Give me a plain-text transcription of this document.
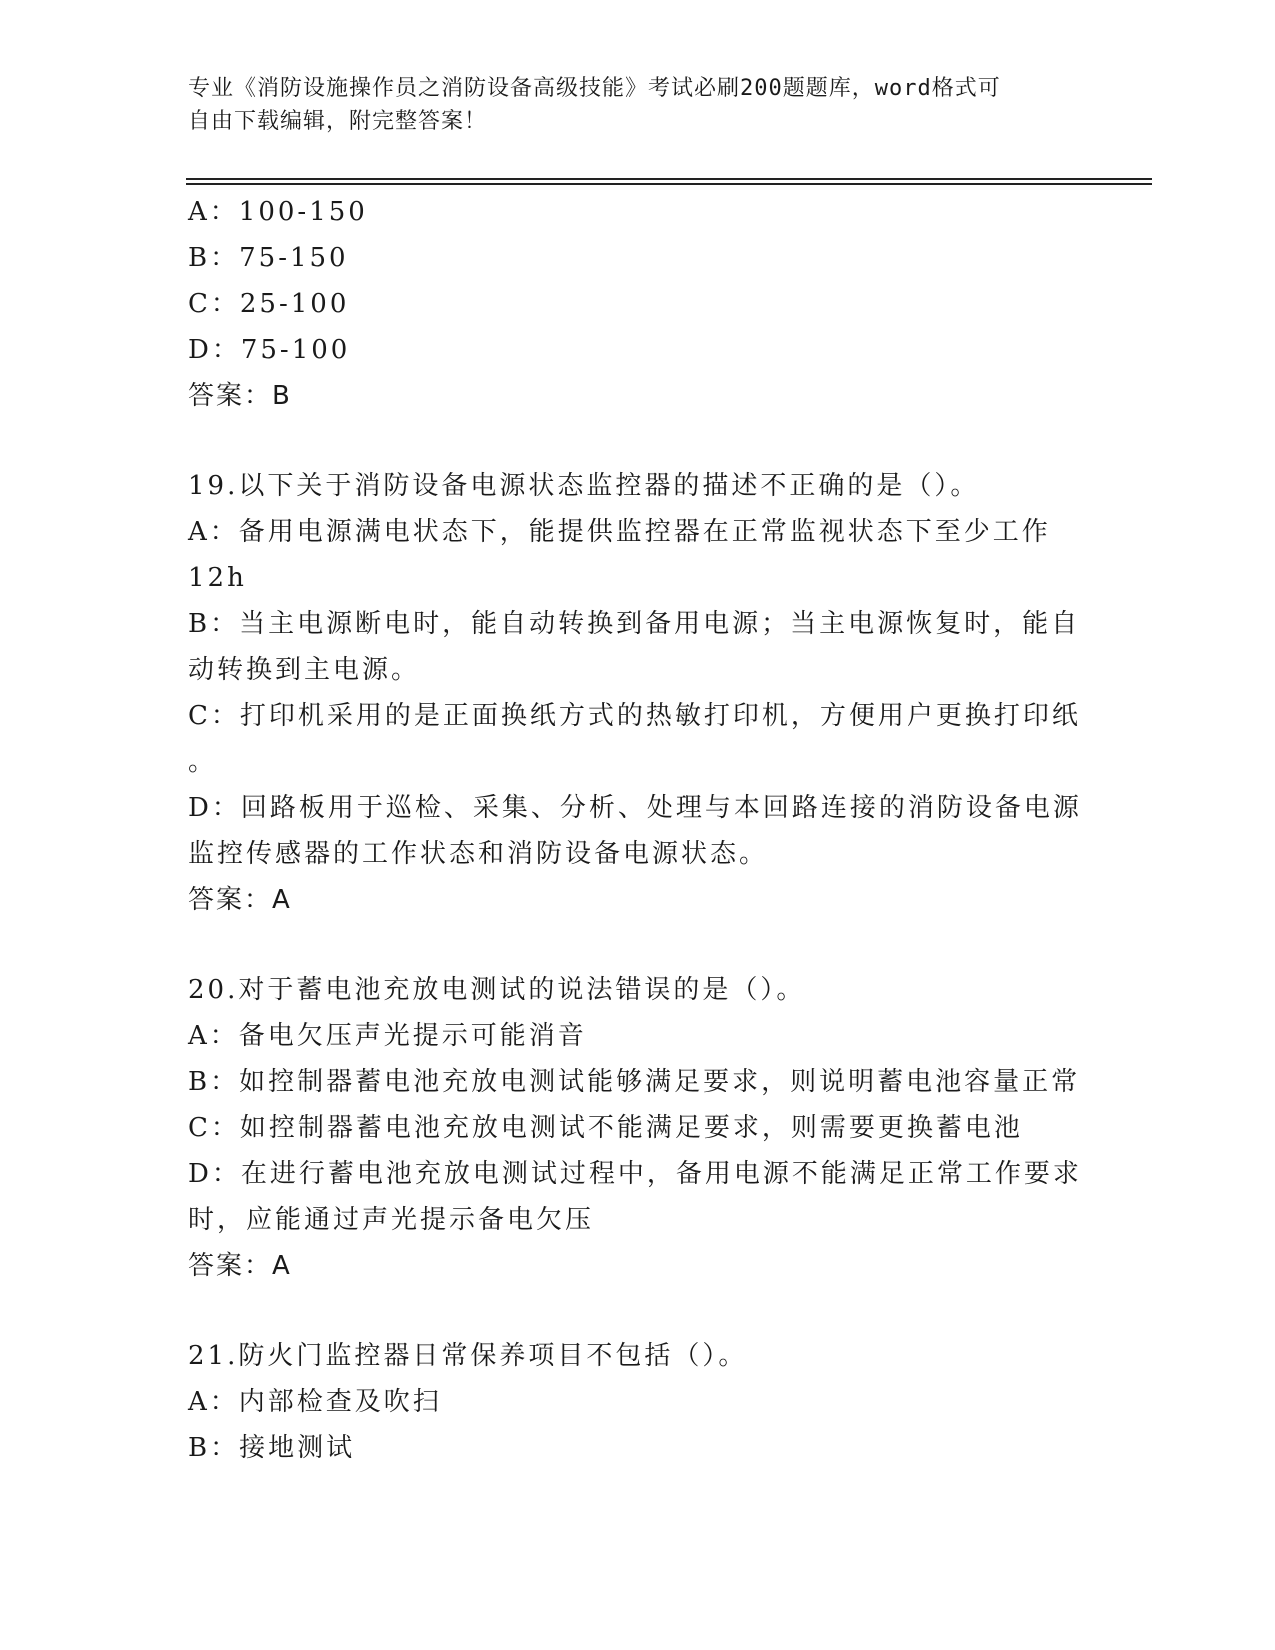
专业《消防设施操作员之消防设备高级技能》考试必刷200题题库，word格式可
自由下载编辑，附完整答案！
A：100-150
B：75-150
C：25-100
D：75-100
答案：B
19.以下关于消防设备电源状态监控器的描述不正确的是（）。
A：备用电源满电状态下，能提供监控器在正常监视状态下至少工作
12h
B：当主电源断电时，能自动转换到备用电源；当主电源恢复时，能自
动转换到主电源。
C：打印机采用的是正面换纸方式的热敏打印机，方便用户更换打印纸
。
D：回路板用于巡检、采集、分析、处理与本回路连接的消防设备电源
监控传感器的工作状态和消防设备电源状态。
答案：A
20.对于蓄电池充放电测试的说法错误的是（）。
A：备电欠压声光提示可能消音
B：如控制器蓄电池充放电测试能够满足要求，则说明蓄电池容量正常
C：如控制器蓄电池充放电测试不能满足要求，则需要更换蓄电池
D：在进行蓄电池充放电测试过程中，备用电源不能满足正常工作要求
时，应能通过声光提示备电欠压
答案：A
21.防火门监控器日常保养项目不包括（）。
A：内部检查及吹扫
B：接地测试
